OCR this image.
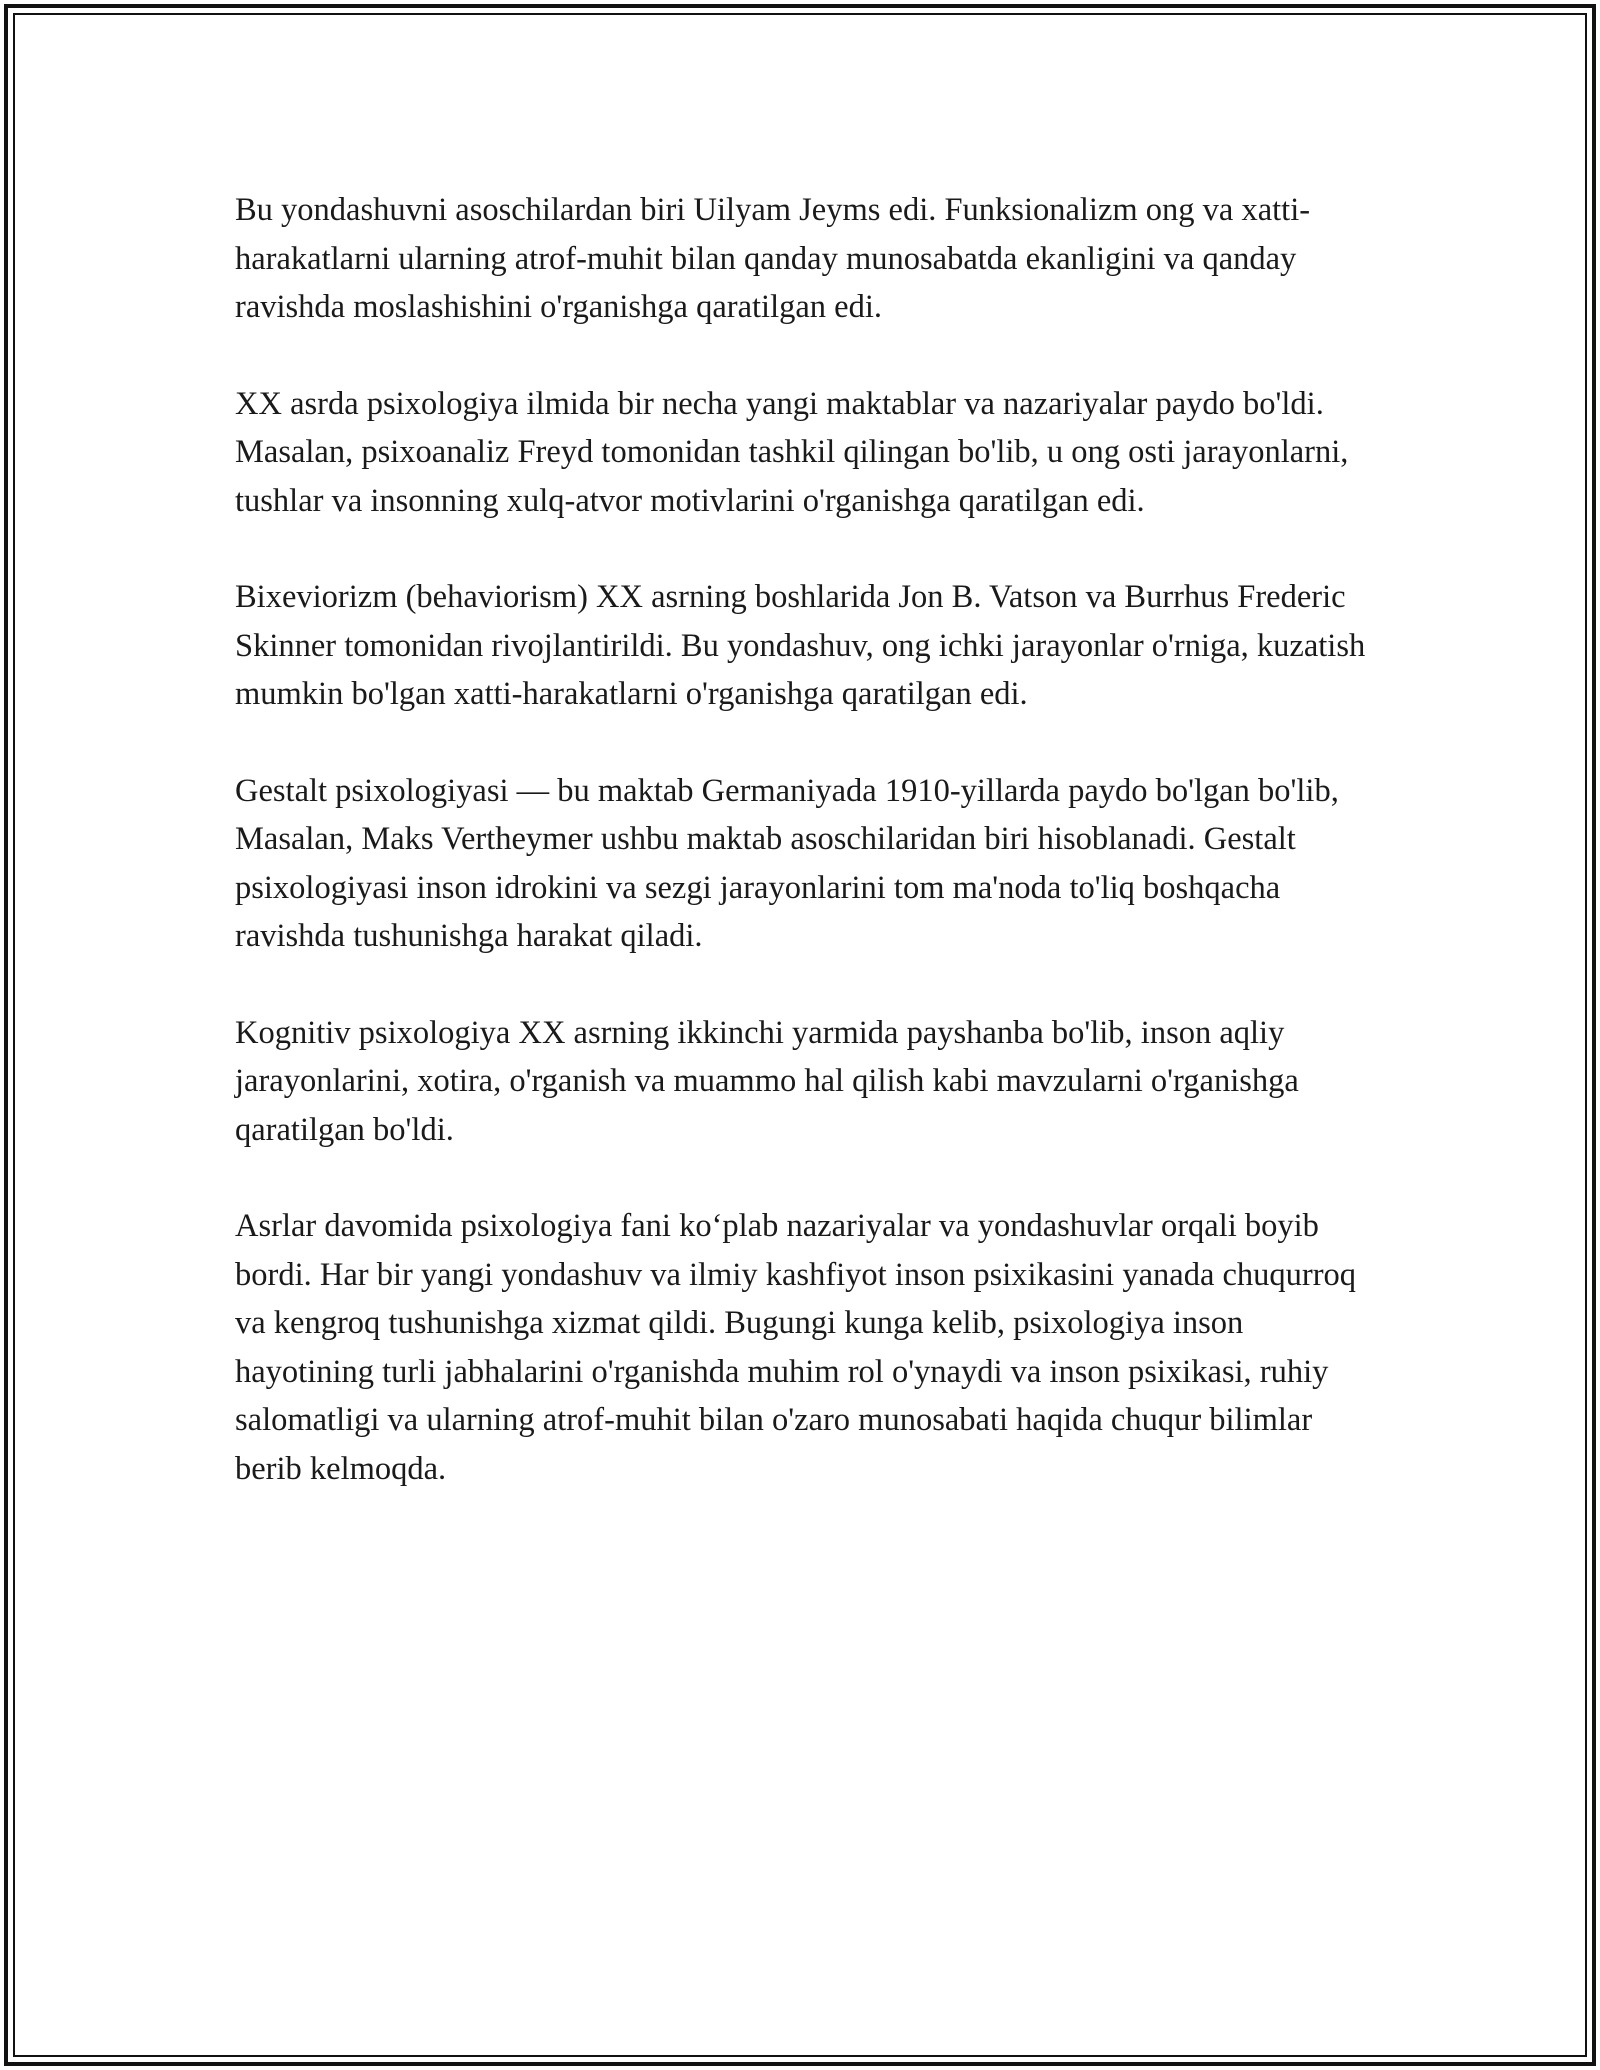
Bu yondashuvni asoschilardan biri Uilyam Jeyms edi. Funksionalizm ong va xatti-harakatlarni ularning atrof-muhit bilan qanday munosabatda ekanligini va qanday ravishda moslashishini o'rganishga qaratilgan edi.

XX asrda psixologiya ilmida bir necha yangi maktablar va nazariyalar paydo bo'ldi. Masalan, psixoanaliz Freyd tomonidan tashkil qilingan bo'lib, u ong osti jarayonlarni, tushlar va insonning xulq-atvor motivlarini o'rganishga qaratilgan edi.

Bixeviorizm (behaviorism) XX asrning boshlarida Jon B. Vatson va Burrhus Frederic Skinner tomonidan rivojlantirildi. Bu yondashuv, ong ichki jarayonlar o'rniga, kuzatish mumkin bo'lgan xatti-harakatlarni o'rganishga qaratilgan edi.

Gestalt psixologiyasi — bu maktab Germaniyada 1910-yillarda paydo bo'lgan bo'lib, Masalan, Maks Vertheymer ushbu maktab asoschilaridan biri hisoblanadi. Gestalt psixologiyasi inson idrokini va sezgi jarayonlarini tom ma'noda to'liq boshqacha ravishda tushunishga harakat qiladi.

Kognitiv psixologiya XX asrning ikkinchi yarmida payshanba bo'lib, inson aqliy jarayonlarini, xotira, o'rganish va muammo hal qilish kabi mavzularni o'rganishga qaratilgan bo'ldi.

Asrlar davomida psixologiya fani ko‘plab nazariyalar va yondashuvlar orqali boyib bordi. Har bir yangi yondashuv va ilmiy kashfiyot inson psixikasini yanada chuqurroq va kengroq tushunishga xizmat qildi. Bugungi kunga kelib, psixologiya inson hayotining turli jabhalarini o'rganishda muhim rol o'ynaydi va inson psixikasi, ruhiy salomatligi va ularning atrof-muhit bilan o'zaro munosabati haqida chuqur bilimlar berib kelmoqda.
